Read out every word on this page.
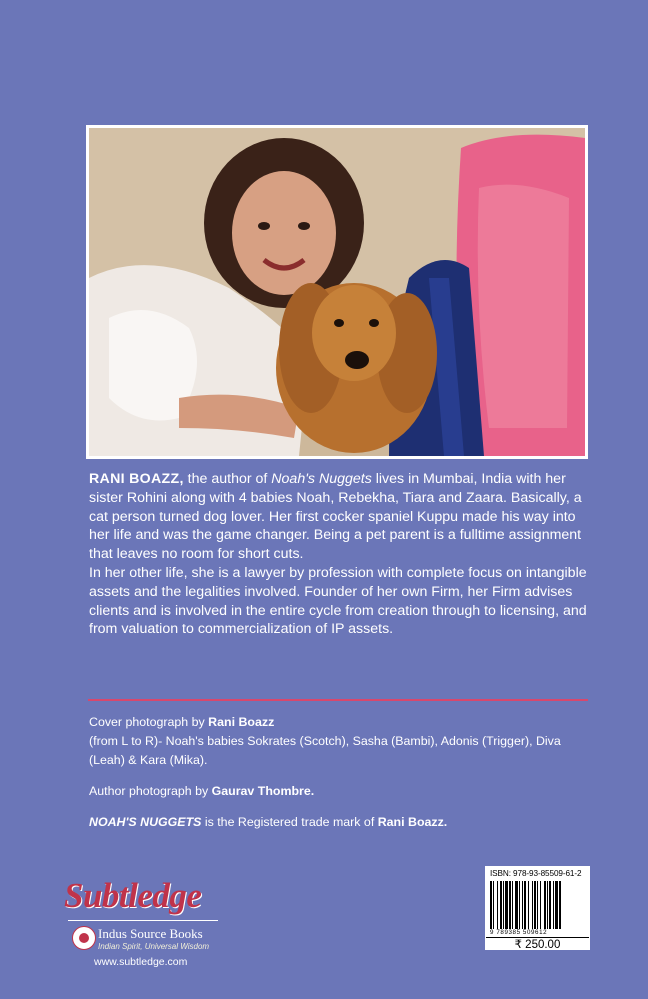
RANI BOAZZ, the author of Noah's Nuggets lives in Mumbai, India with her sister Rohini along with 4 babies Noah, Rebekha, Tiara and Zaara. Basically, a cat person turned dog lover. Her first cocker spaniel Kuppu made his way into her life and was the game changer. Being a pet parent is a fulltime assignment that leaves no room for short cuts.

In her other life, she is a lawyer by profession with complete focus on intangible assets and the legalities involved. Founder of her own Firm, her Firm advises clients and is involved in the entire cycle from creation through to licensing, and from valuation to commercialization of IP assets.

Cover photograph by Rani Boazz

(from L to R)- Noah's babies Sokrates (Scotch), Sasha (Bambi), Adonis (Trigger), Diva (Leah) & Kara (Mika).

Author photograph by Gaurav Thombre.

NOAH'S NUGGETS is the Registered trade mark of Rani Boazz.

Subtledge
Indus Source Books
Indian Spirit, Universal Wisdom
www.subtledge.com
ISBN: 978-93-85509-61-2
9 789385 509612
₹ 250.00
